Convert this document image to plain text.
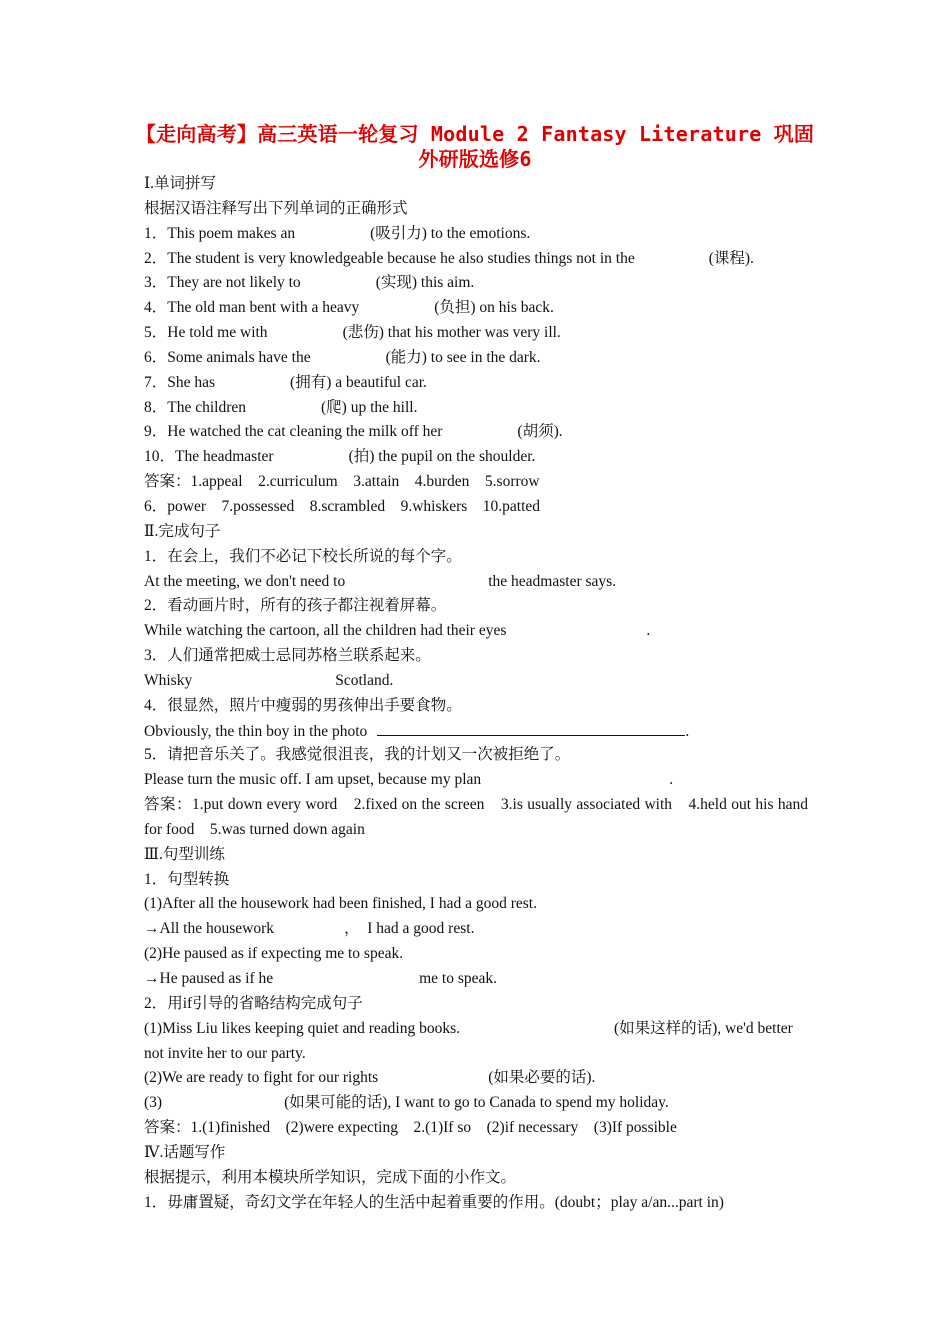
【走向高考】高三英语一轮复习 Module 2 Fantasy Literature 巩固 外研版选修6
Ⅰ.单词拼写
根据汉语注释写出下列单词的正确形式
1．This poem makes an	(吸引力) to the emotions.
2．The student is very knowledgeable because he also studies things not in the	(课程).
3．They are not likely to	(实现) this aim.
4．The old man bent with a heavy	(负担) on his back.
5．He told me with	(悲伤) that his mother was very ill.
6．Some animals have the	(能力) to see in the dark.
7．She has	(拥有) a beautiful car.
8．The children	(爬) up the hill.
9．He watched the cat cleaning the milk off her	(胡须).
10．The headmaster	(拍) the pupil on the shoulder.
答案：1.appeal　2.curriculum　3.attain　4.burden　5.sorrow
6．power　7.possessed　8.scrambled　9.whiskers　10.patted
Ⅱ.完成句子
1．在会上，我们不必记下校长所说的每个字。
At the meeting, we don't need to	the headmaster says.
2．看动画片时，所有的孩子都注视着屏幕。
While watching the cartoon, all the children had their eyes	.
3．人们通常把威士忌同苏格兰联系起来。
Whisky	Scotland.
4．很显然，照片中瘦弱的男孩伸出手要食物。
Obviously, the thin boy in the photo	.
5．请把音乐关了。我感觉很沮丧，我的计划又一次被拒绝了。
Please turn the music off. I am upset, because my plan	.
答案：1.put down every word　2.fixed on the screen　3.is usually associated with　4.held out his hand for food　5.was turned down again
Ⅲ.句型训练
1．句型转换
(1)After all the housework had been finished, I had a good rest.
→All the housework	，  I had a good rest.
(2)He paused as if expecting me to speak.
→He paused as if he	me to speak.
2．用if引导的省略结构完成句子
(1)Miss Liu likes keeping quiet and reading books.	(如果这样的话), we'd better not invite her to our party.
(2)We are ready to fight for our rights	(如果必要的话).
(3)	(如果可能的话), I want to go to Canada to spend my holiday.
答案：1.(1)finished　(2)were expecting　2.(1)If so　(2)if necessary　(3)If possible
Ⅳ.话题写作
根据提示，利用本模块所学知识，完成下面的小作文。
1．毋庸置疑，奇幻文学在年轻人的生活中起着重要的作用。(doubt；play a/an...part in)
